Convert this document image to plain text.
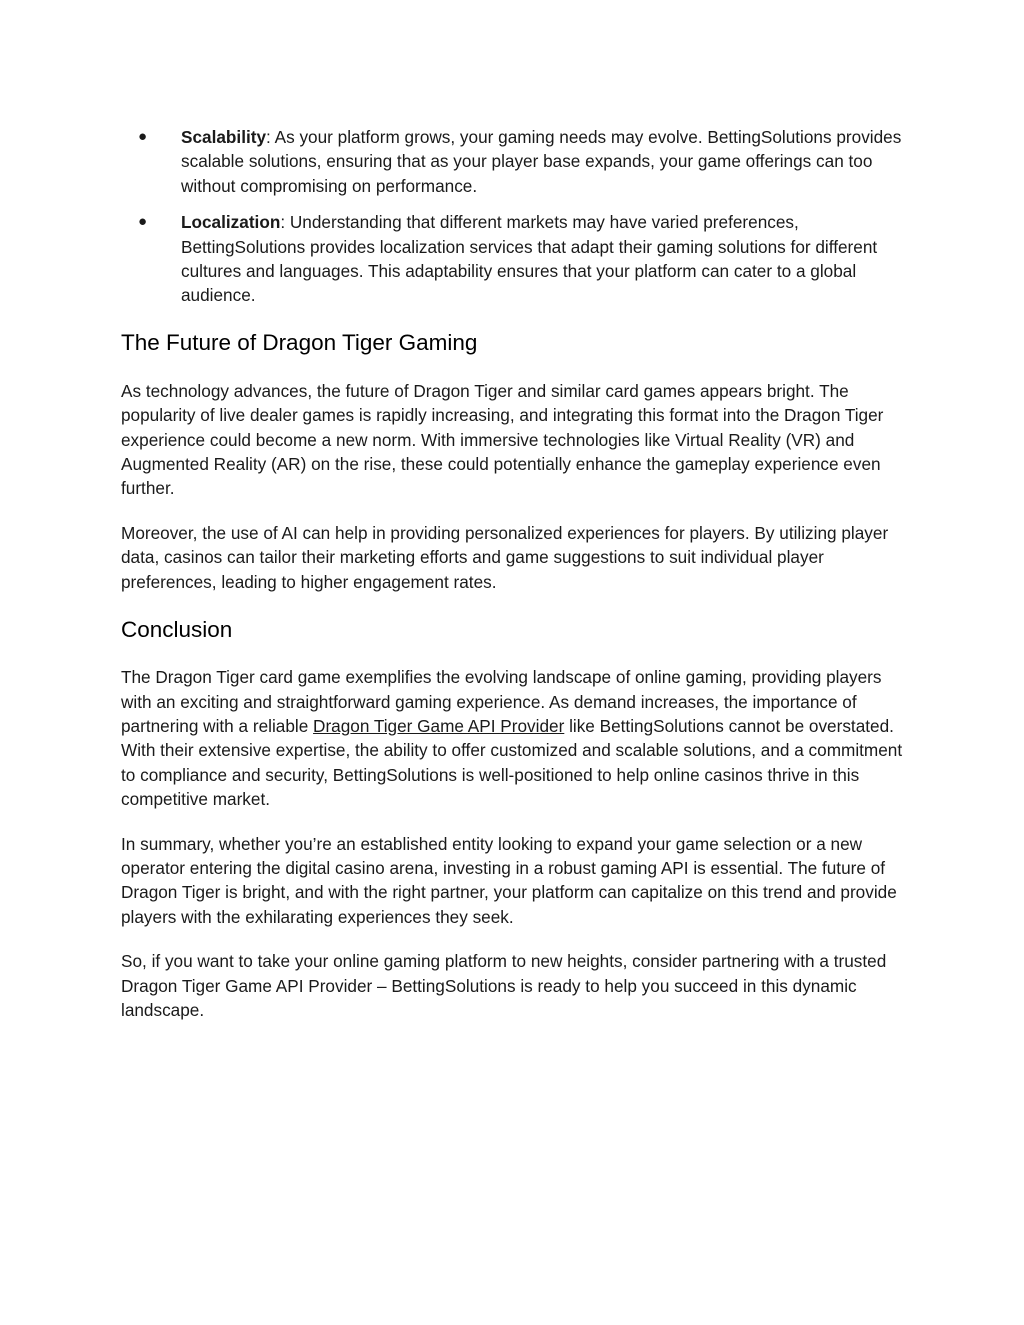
● Scalability: As your platform grows, your gaming needs may evolve. BettingSolutions provides scalable solutions, ensuring that as your player base expands, your game offerings can too without compromising on performance.
● Localization: Understanding that different markets may have varied preferences, BettingSolutions provides localization services that adapt their gaming solutions for different cultures and languages. This adaptability ensures that your platform can cater to a global audience.
The Future of Dragon Tiger Gaming

As technology advances, the future of Dragon Tiger and similar card games appears bright. The popularity of live dealer games is rapidly increasing, and integrating this format into the Dragon Tiger experience could become a new norm. With immersive technologies like Virtual Reality (VR) and Augmented Reality (AR) on the rise, these could potentially enhance the gameplay experience even further.

Moreover, the use of AI can help in providing personalized experiences for players. By utilizing player data, casinos can tailor their marketing efforts and game suggestions to suit individual player preferences, leading to higher engagement rates.

Conclusion

The Dragon Tiger card game exemplifies the evolving landscape of online gaming, providing players with an exciting and straightforward gaming experience. As demand increases, the importance of partnering with a reliable Dragon Tiger Game API Provider like BettingSolutions cannot be overstated. With their extensive expertise, the ability to offer customized and scalable solutions, and a commitment to compliance and security, BettingSolutions is well-positioned to help online casinos thrive in this competitive market.

In summary, whether you’re an established entity looking to expand your game selection or a new operator entering the digital casino arena, investing in a robust gaming API is essential. The future of Dragon Tiger is bright, and with the right partner, your platform can capitalize on this trend and provide players with the exhilarating experiences they seek.

So, if you want to take your online gaming platform to new heights, consider partnering with a trusted Dragon Tiger Game API Provider – BettingSolutions is ready to help you succeed in this dynamic landscape.
